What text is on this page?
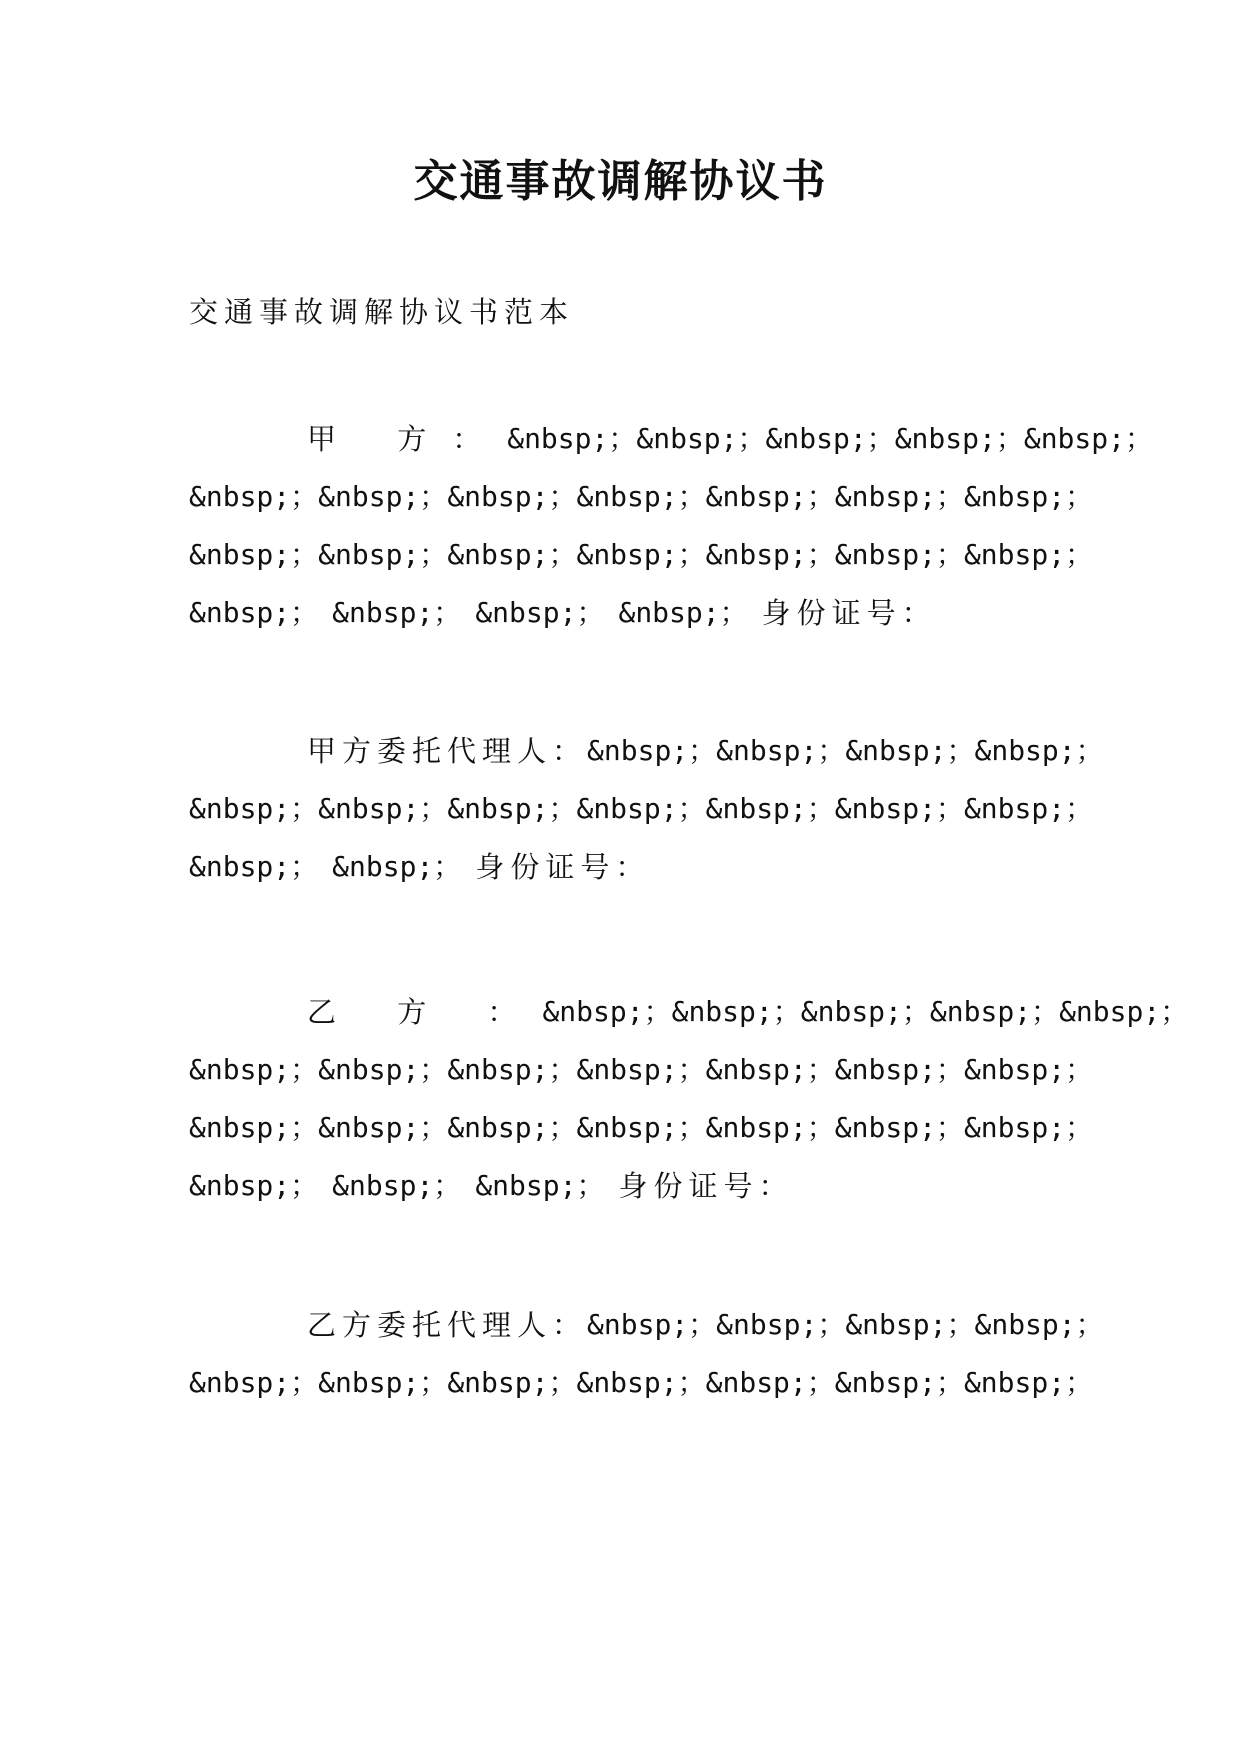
交通事故调解协议书
交通事故调解协议书范本
甲 方： &nbsp;； &nbsp;； &nbsp;； &nbsp;； &nbsp;；
&nbsp;； &nbsp;； &nbsp;； &nbsp;； &nbsp;； &nbsp;； &nbsp;；
&nbsp;； &nbsp;； &nbsp;； &nbsp;； &nbsp;； &nbsp;； &nbsp;；
&nbsp;； &nbsp;； &nbsp;； &nbsp;； 身份证号：
甲方委托代理人： &nbsp;； &nbsp;； &nbsp;； &nbsp;；
&nbsp;； &nbsp;； &nbsp;； &nbsp;； &nbsp;； &nbsp;； &nbsp;；
&nbsp;； &nbsp;； 身份证号：
乙 方 ： &nbsp;； &nbsp;； &nbsp;； &nbsp;； &nbsp;；
&nbsp;； &nbsp;； &nbsp;； &nbsp;； &nbsp;； &nbsp;； &nbsp;；
&nbsp;； &nbsp;； &nbsp;； &nbsp;； &nbsp;； &nbsp;； &nbsp;；
&nbsp;； &nbsp;； &nbsp;； 身份证号：
乙方委托代理人： &nbsp;； &nbsp;； &nbsp;； &nbsp;；
&nbsp;； &nbsp;； &nbsp;； &nbsp;； &nbsp;； &nbsp;； &nbsp;；
